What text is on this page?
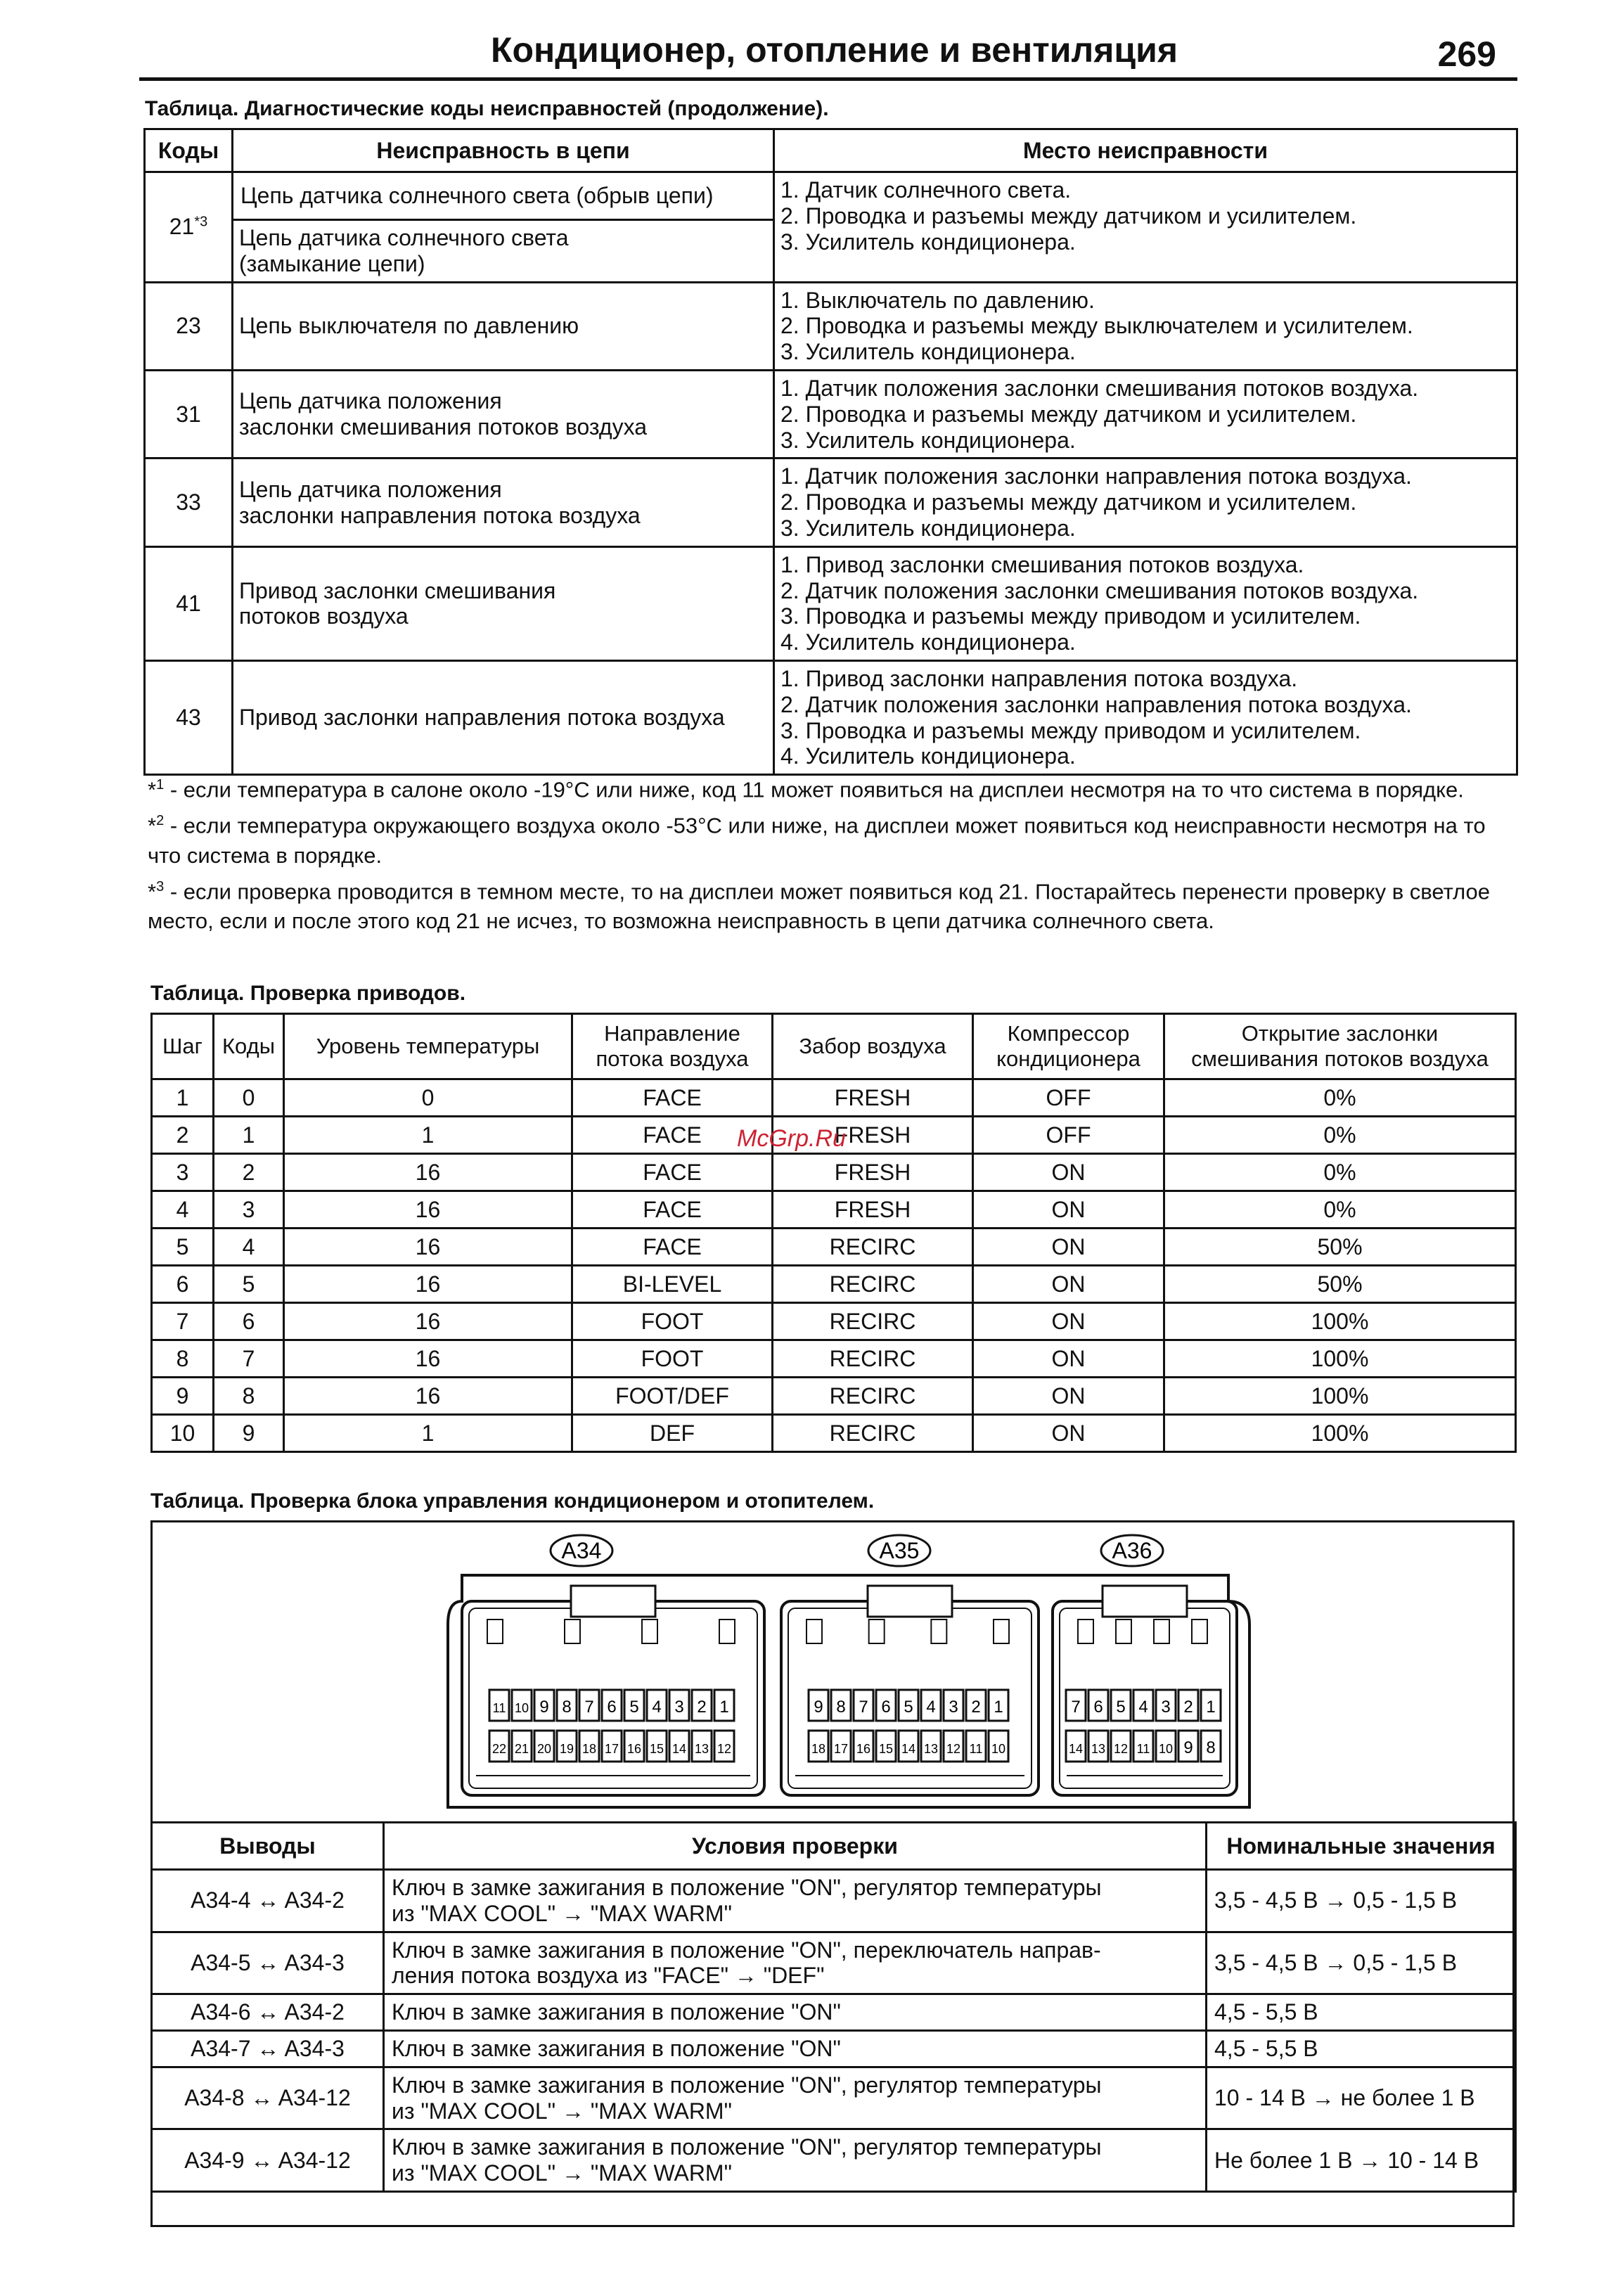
Кондиционер, отопление и вентиляция	269
Таблица. Диагностические коды неисправностей (продолжение).
Коды	Неисправность в цепи	Место неисправности
21$^{*3}$	Цепь датчика солнечного света (обрыв цепи)	1. Датчик солнечного света.
2. Проводка и разъемы между датчиком и усилителем.
3. Усилитель кондиционера.
	Цепь датчика солнечного света
(замыкание цепи)	
23	Цепь выключателя по давлению	1. Выключатель по давлению.
2. Проводка и разъемы между выключателем и усилителем.
3. Усилитель кондиционера.
31	Цепь датчика положения
заслонки смешивания потоков воздуха	1. Датчик положения заслонки смешивания потоков воздуха.
2. Проводка и разъемы между датчиком и усилителем.
3. Усилитель кондиционера.
33	Цепь датчика положения
заслонки направления потока воздуха	1. Датчик положения заслонки направления потока воздуха.
2. Проводка и разъемы между датчиком и усилителем.
3. Усилитель кондиционера.
41	Привод заслонки смешивания
потоков воздуха	1. Привод заслонки смешивания потоков воздуха.
2. Датчик положения заслонки смешивания потоков воздуха.
3. Проводка и разъемы между приводом и усилителем.
4. Усилитель кондиционера.
43	Привод заслонки направления потока воздуха	1. Привод заслонки направления потока воздуха.
2. Датчик положения заслонки направления потока воздуха.
3. Проводка и разъемы между приводом и усилителем.
4. Усилитель кондиционера.

*$^1$ - если температура в салоне около -19°С или ниже, код 11 может появиться на дисплеи несмотря на то что система в порядке.

*$^2$ - если температура окружающего воздуха около -53°С или ниже, на дисплеи может появиться код неисправности несмотря на то что система в порядке.

*$^3$ - если проверка проводится в темном месте, то на дисплеи может появиться код 21. Постарайтесь перенести проверку в светлое место, если и после этого код 21 не исчез, то возможна неисправность в цепи датчика солнечного света.

Таблица. Проверка приводов.
Шаг	Коды	Уровень температуры	Направление
потока воздуха	Забор воздуха	Компрессор
кондиционера	Открытие заслонки
смешивания потоков воздуха
1	0	0	FACE	FRESH	OFF	0%
2	1	1	FACE	FRESH	OFF	0%
3	2	16	FACE	FRESH	ON	0%
4	3	16	FACE	FRESH	ON	0%
5	4	16	FACE	RECIRC	ON	50%
6	5	16	BI-LEVEL	RECIRC	ON	50%
7	6	16	FOOT	RECIRC	ON	100%
8	7	16	FOOT	RECIRC	ON	100%
9	8	16	FOOT/DEF	RECIRC	ON	100%
10	9	1	DEF	RECIRC	ON	100%
McGrp.Ru
Таблица. Проверка блока управления кондиционером и отопителем.
A34
11 10 9 8 7 6 5 4 3 2 1
22 21 20 19 18 17 16 15 14 13 12
A35
9 8 7 6 5 4 3 2 1
18 17 16 15 14 13 12 11 10
A36
7 6 5 4 3 2 1
14 13 12 11 10 9 8
Выводы	Условия проверки	Номинальные значения
A34-4 ↔ A34-2	Ключ в замке зажигания в положение "ON", регулятор температуры
из "MAX COOL" → "MAX WARM"	3,5 - 4,5 В → 0,5 - 1,5 В
A34-5 ↔ A34-3	Ключ в замке зажигания в положение "ON", переключатель направ-
ления потока воздуха из "FACE" → "DEF"	3,5 - 4,5 В → 0,5 - 1,5 В
A34-6 ↔ A34-2	Ключ в замке зажигания в положение "ON"	4,5 - 5,5 В
A34-7 ↔ A34-3	Ключ в замке зажигания в положение "ON"	4,5 - 5,5 В
A34-8 ↔ A34-12	Ключ в замке зажигания в положение "ON", регулятор температуры
из "MAX COOL" → "MAX WARM"	10 - 14 В → не более 1 В
A34-9 ↔ A34-12	Ключ в замке зажигания в положение "ON", регулятор температуры
из "MAX COOL" → "MAX WARM"	Не более 1 В → 10 - 14 В
